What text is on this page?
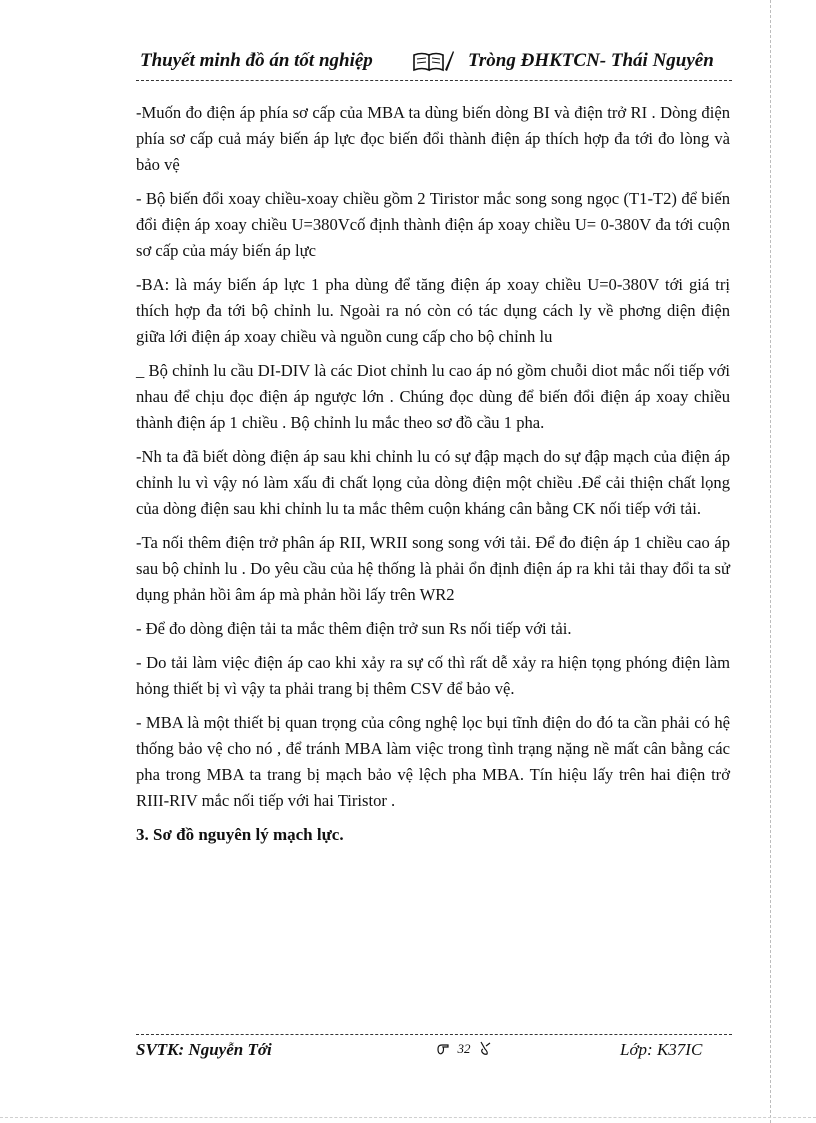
Thuyết minh đồ án tốt nghiệp	Tròng ĐHKTCN- Thái Nguyên

-Muốn đo điện áp phía sơ cấp của MBA ta dùng biến dòng BI và điện trở RI . Dòng điện phía sơ cấp cuả máy biến áp lực đọc biến đổi thành điện áp thích hợp đa tới đo lòng và bảo vệ

- Bộ biến đổi xoay chiều-xoay chiều gồm 2 Tiristor mắc song song ngọc (T1-T2) để biến đổi điện áp xoay chiều U=380Vcố định thành điện áp xoay chiều U= 0-380V đa tới cuộn sơ cấp của máy biến áp lực

-BA: là máy biến áp lực 1 pha dùng để tăng điện áp xoay chiều U=0-380V tới giá trị thích hợp đa tới bộ chỉnh lu. Ngoài ra nó còn có tác dụng cách ly về phơng diện điện giữa lới điện áp xoay chiều và nguồn cung cấp cho bộ chỉnh lu

_ Bộ chỉnh lu cầu DI-DIV là các Diot chỉnh lu cao áp nó gồm chuỗi diot mắc nối tiếp với nhau để chịu đọc điện áp ngược lớn . Chúng đọc dùng để biến đổi điện áp xoay chiều thành điện áp 1 chiều . Bộ chỉnh lu mắc theo sơ đồ cầu 1 pha.

-Nh ta đã biết dòng điện áp sau khi chỉnh lu có sự đập mạch do sự đập mạch của điện áp chỉnh lu vì vậy nó làm xấu đi chất lọng của dòng điện một chiều .Để cải thiện chất lọng của dòng điện sau khi chỉnh lu ta mắc thêm cuộn kháng cân bằng CK nối tiếp với tải.

-Ta nối thêm điện trở phân áp RII, WRII song song với tải. Để đo điện áp 1 chiều cao áp sau bộ chỉnh lu . Do yêu cầu của hệ thống là phải ổn định điện áp ra khi tải thay đổi ta sử dụng phản hồi âm áp mà phản hồi lấy trên WR2

- Để đo dòng điện tải ta mắc thêm điện trở sun Rs nối tiếp với tải.

- Do tải làm việc điện áp cao khi xảy ra sự cố thì rất dễ xảy ra hiện tọng phóng điện làm hỏng thiết bị vì vậy ta phải trang bị thêm CSV để bảo vệ.

- MBA là một thiết bị quan trọng của công nghệ lọc bụi tĩnh điện do đó ta cần phải có hệ thống bảo vệ cho nó , để tránh MBA làm việc trong tình trạng nặng nề mất cân bằng các pha trong MBA ta trang bị mạch bảo vệ lệch pha MBA. Tín hiệu lấy trên hai điện trở RIII-RIV mắc nối tiếp với hai Tiristor .

3. Sơ đồ nguyên lý mạch lực.
SVTK: Nguyễn Tới	32	Lớp: K37IC
